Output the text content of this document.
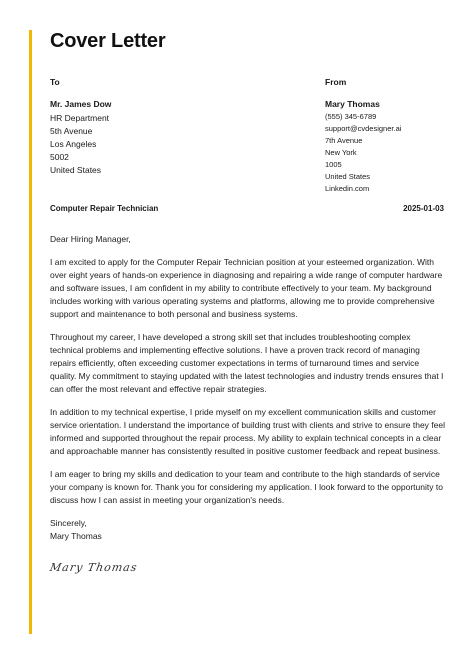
Cover Letter
To	From
Mr. James Dow
HR Department
5th Avenue
Los Angeles
5002
United States
Mary Thomas
(555) 345-6789
support@cvdesigner.ai
7th Avenue
New York
1005
United States
Linkedin.com
Computer Repair Technician	2025-01-03

Dear Hiring Manager,

I am excited to apply for the Computer Repair Technician position at your esteemed organization. With over eight years of hands-on experience in diagnosing and repairing a wide range of computer hardware and software issues, I am confident in my ability to contribute effectively to your team. My background includes working with various operating systems and platforms, allowing me to provide comprehensive support and maintenance to both personal and business systems.

Throughout my career, I have developed a strong skill set that includes troubleshooting complex technical problems and implementing effective solutions. I have a proven track record of managing repairs efficiently, often exceeding customer expectations in terms of turnaround times and service quality. My commitment to staying updated with the latest technologies and industry trends ensures that I can offer the most relevant and effective repair strategies.

In addition to my technical expertise, I pride myself on my excellent communication skills and customer service orientation. I understand the importance of building trust with clients and strive to ensure they feel informed and supported throughout the repair process. My ability to explain technical concepts in a clear and approachable manner has consistently resulted in positive customer feedback and repeat business.

I am eager to bring my skills and dedication to your team and contribute to the high standards of service your company is known for. Thank you for considering my application. I look forward to the opportunity to discuss how I can assist in meeting your organization's needs.

Sincerely,
Mary Thomas
Mary Thomas
